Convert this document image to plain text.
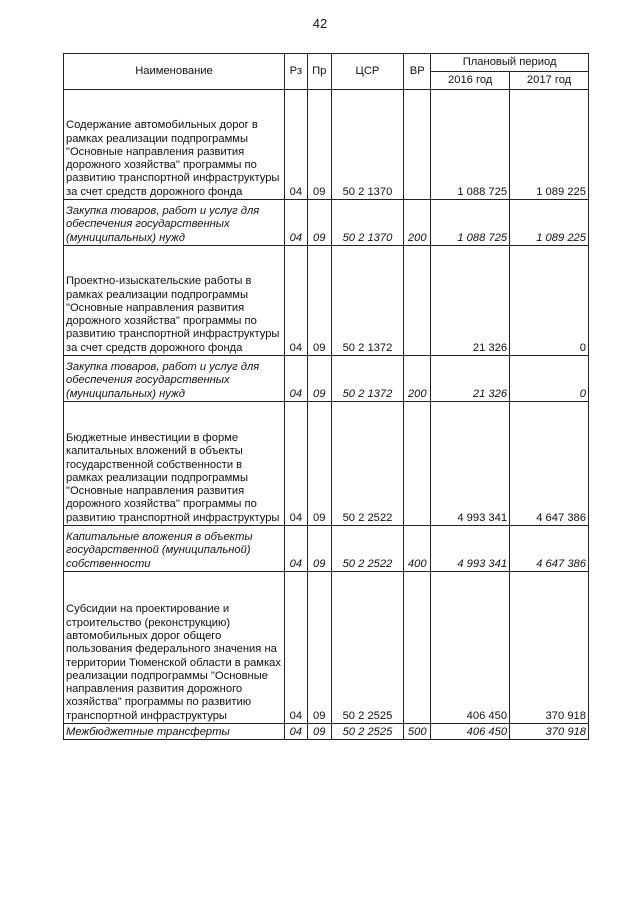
42
Наименование	Рз	Пр	ЦСР	ВР	Плановый период	
					2016 год	2017 год
Содержание автомобильных дорог в рамках реализации подпрограммы "Основные направления развития дорожного хозяйства" программы по развитию транспортной инфраструктуры за счет средств дорожного фонда	04	09	50 2 1370		1 088 725	1 089 225
Закупка товаров, работ и услуг для обеспечения государственных (муниципальных) нужд	04	09	50 2 1370	200	1 088 725	1 089 225
Проектно-изыскательские работы в рамках реализации подпрограммы "Основные направления развития дорожного хозяйства" программы по развитию транспортной инфраструктуры за счет средств дорожного фонда	04	09	50 2 1372		21 326	0
Закупка товаров, работ и услуг для обеспечения государственных (муниципальных) нужд	04	09	50 2 1372	200	21 326	0
Бюджетные инвестиции в форме капитальных вложений в объекты государственной собственности в рамках реализации подпрограммы "Основные направления развития дорожного хозяйства" программы по развитию транспортной инфраструктуры	04	09	50 2 2522		4 993 341	4 647 386
Капитальные вложения в объекты государственной (муниципальной) собственности	04	09	50 2 2522	400	4 993 341	4 647 386
Субсидии на проектирование и строительство (реконструкцию) автомобильных дорог общего пользования федерального значения на территории Тюменской области в рамках реализации подпрограммы "Основные направления развития дорожного хозяйства" программы по развитию транспортной инфраструктуры	04	09	50 2 2525		406 450	370 918
Межбюджетные трансферты	04	09	50 2 2525	500	406 450	370 918
